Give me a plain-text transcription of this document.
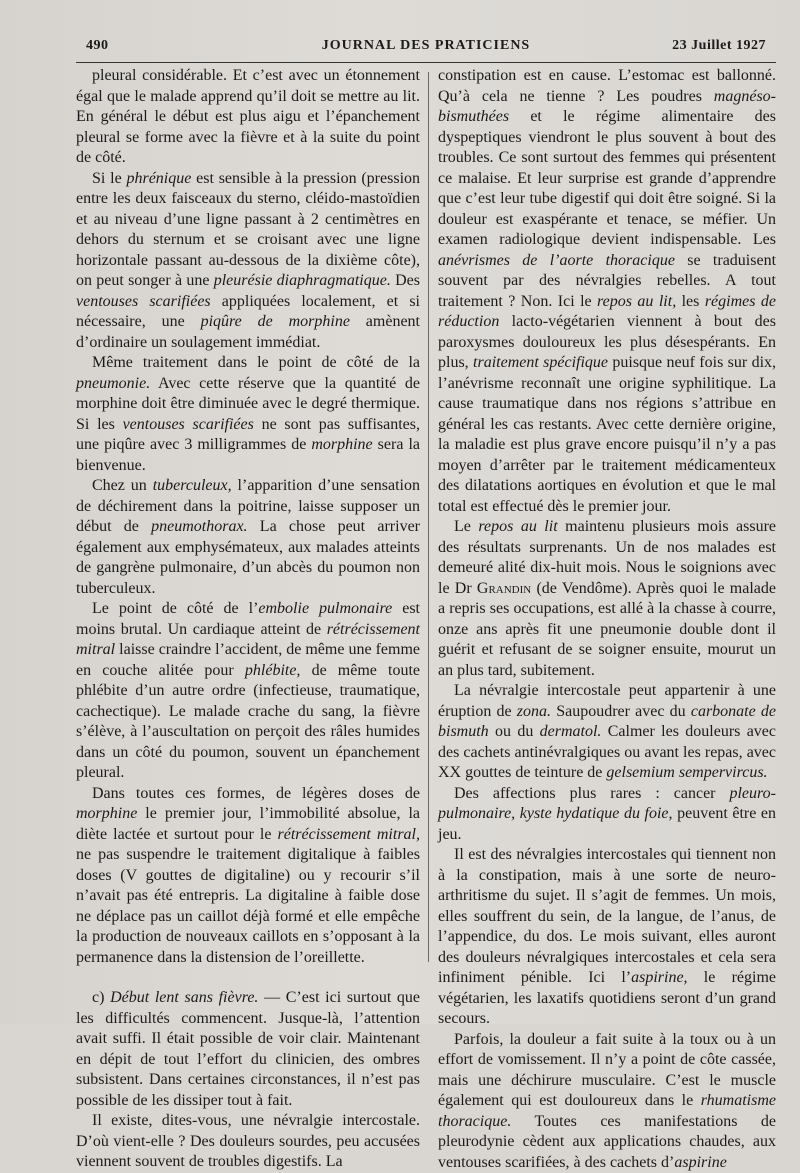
490	JOURNAL DES PRATICIENS	23 Juillet 1927

pleural considérable. Et c’est avec un étonnement égal que le malade apprend qu’il doit se mettre au lit. En général le début est plus aigu et l’épanchement pleural se forme avec la fièvre et à la suite du point de côté.

Si le phrénique est sensible à la pression (pression entre les deux faisceaux du sterno, cléido-mastoïdien et au niveau d’une ligne passant à 2 centimètres en dehors du sternum et se croisant avec une ligne horizontale passant au-dessous de la dixième côte), on peut songer à une pleurésie diaphragmatique. Des ventouses scarifiées appliquées localement, et si nécessaire, une piqûre de morphine amènent d’ordinaire un soulagement immédiat.

Même traitement dans le point de côté de la pneumonie. Avec cette réserve que la quantité de morphine doit être diminuée avec le degré thermique. Si les ventouses scarifiées ne sont pas suffisantes, une piqûre avec 3 milligrammes de morphine sera la bienvenue.

Chez un tuberculeux, l’apparition d’une sensation de déchirement dans la poitrine, laisse supposer un début de pneumothorax. La chose peut arriver également aux emphysémateux, aux malades atteints de gangrène pulmonaire, d’un abcès du poumon non tuberculeux.

Le point de côté de l’embolie pulmonaire est moins brutal. Un cardiaque atteint de rétrécissement mitral laisse craindre l’accident, de même une femme en couche alitée pour phlébite, de même toute phlébite d’un autre ordre (infectieuse, traumatique, cachectique). Le malade crache du sang, la fièvre s’élève, à l’auscultation on perçoit des râles humides dans un côté du poumon, souvent un épanchement pleural.

Dans toutes ces formes, de légères doses de morphine le premier jour, l’immobilité absolue, la diète lactée et surtout pour le rétrécissement mitral, ne pas suspendre le traitement digitalique à faibles doses (V gouttes de digitaline) ou y recourir s’il n’avait pas été entrepris. La digitaline à faible dose ne déplace pas un caillot déjà formé et elle empêche la production de nouveaux caillots en s’opposant à la permanence dans la distension de l’oreillette.

c) Début lent sans fièvre. — C’est ici surtout que les difficultés commencent. Jusque-là, l’attention avait suffi. Il était possible de voir clair. Maintenant en dépit de tout l’effort du clinicien, des ombres subsistent. Dans certaines circonstances, il n’est pas possible de les dissiper tout à fait.

Il existe, dites-vous, une névralgie intercostale. D’où vient-elle ? Des douleurs sourdes, peu accusées viennent souvent de troubles digestifs. La

constipation est en cause. L’estomac est ballonné. Qu’à cela ne tienne ? Les poudres magnéso-bismuthées et le régime alimentaire des dyspeptiques viendront le plus souvent à bout des troubles. Ce sont surtout des femmes qui présentent ce malaise. Et leur surprise est grande d’apprendre que c’est leur tube digestif qui doit être soigné. Si la douleur est exaspérante et tenace, se méfier. Un examen radiologique devient indispensable. Les anévrismes de l’aorte thoracique se traduisent souvent par des névralgies rebelles. A tout traitement ? Non. Ici le repos au lit, les régimes de réduction lacto-végétarien viennent à bout des paroxysmes douloureux les plus désespérants. En plus, traitement spécifique puisque neuf fois sur dix, l’anévrisme reconnaît une origine syphilitique. La cause traumatique dans nos régions s’attribue en général les cas restants. Avec cette dernière origine, la maladie est plus grave encore puisqu’il n’y a pas moyen d’arrêter par le traitement médicamenteux des dilatations aortiques en évolution et que le mal total est effectué dès le premier jour.

Le repos au lit maintenu plusieurs mois assure des résultats surprenants. Un de nos malades est demeuré alité dix-huit mois. Nous le soignions avec le Dr Grandin (de Vendôme). Après quoi le malade a repris ses occupations, est allé à la chasse à courre, onze ans après fit une pneumonie double dont il guérit et refusant de se soigner ensuite, mourut un an plus tard, subitement.

La névralgie intercostale peut appartenir à une éruption de zona. Saupoudrer avec du carbonate de bismuth ou du dermatol. Calmer les douleurs avec des cachets antinévralgiques ou avant les repas, avec XX gouttes de teinture de gelsemium sempervircus.

Des affections plus rares : cancer pleuro-pulmonaire, kyste hydatique du foie, peuvent être en jeu.

Il est des névralgies intercostales qui tiennent non à la constipation, mais à une sorte de neuro-arthritisme du sujet. Il s’agit de femmes. Un mois, elles souffrent du sein, de la langue, de l’anus, de l’appendice, du dos. Le mois suivant, elles auront des douleurs névralgiques intercostales et cela sera infiniment pénible. Ici l’aspirine, le régime végétarien, les laxatifs quotidiens seront d’un grand secours.

Parfois, la douleur a fait suite à la toux ou à un effort de vomissement. Il n’y a point de côte cassée, mais une déchirure musculaire. C’est le muscle également qui est douloureux dans le rhumatisme thoracique. Toutes ces manifestations de pleurodynie cèdent aux applications chaudes, aux ventouses scarifiées, à des cachets d’aspirine
